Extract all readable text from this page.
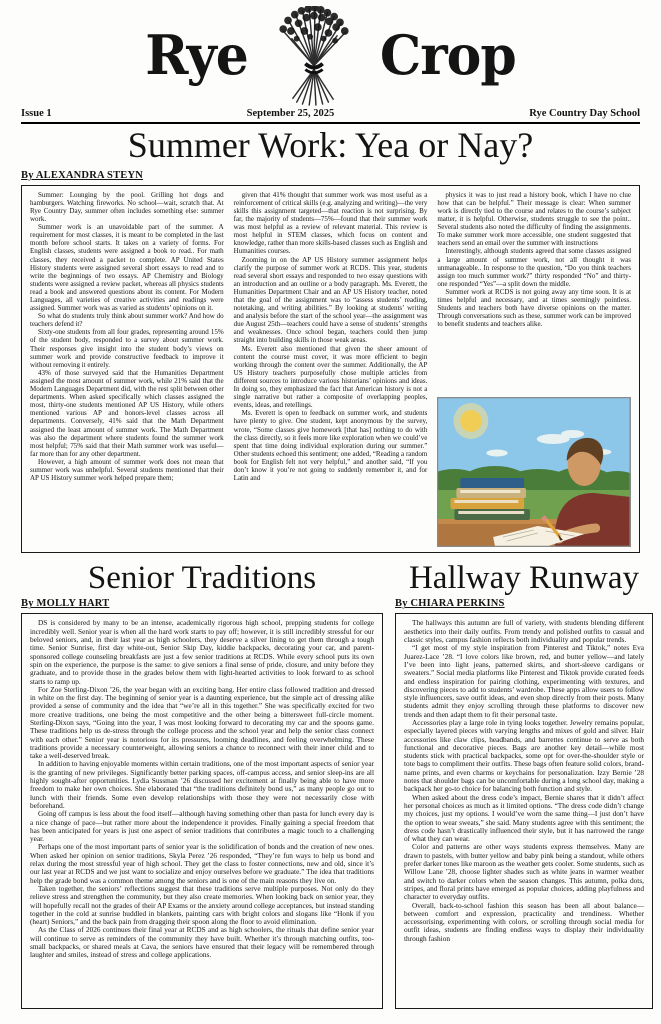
Rye	Crop
Issue 1	September 25, 2025	Rye Country Day School
Summer Work: Yea or Nay?
By ALEXANDRA STEYN

Summer: Lounging by the pool. Grilling hot dogs and hamburgers. Watching fireworks. No school—wait, scratch that. At Rye Country Day, summer often includes something else: summer work.

Summer work is an unavoidable part of the summer. A requirement for most classes, it is meant to be completed in the last month before school starts. It takes on a variety of forms. For English classes, students were assigned a book to read.. For math classes, they received a packet to complete. AP United States History students were assigned several short essays to read and to write the beginnings of two essays. AP Chemistry and Biology students were assigned a review packet, whereas all physics students read a book and answered questions about its content. For Modern Languages, all varieties of creative activities and readings were assigned. Summer work was as varied as students’ opinions on it.

So what do students truly think about summer work? And how do teachers defend it?

Sixty-one students from all four grades, representing around 15% of the student body, responded to a survey about summer work. Their responses give insight into the student body’s views on summer work and provide constructive feedback to improve it without removing it entirely.

43% of those surveyed said that the Humanities Department assigned the most amount of summer work, while 21% said that the Modern Languages Department did, with the rest split between other departments. When asked specifically which classes assigned the most, thirty-one students mentioned AP US History, while others mentioned various AP and honors-level classes across all departments. Conversely, 41% said that the Math Department assigned the least amount of summer work. The Math Department was also the department where students found the summer work most helpful; 75% said that their Math summer work was useful—far more than for any other department.

However, a high amount of summer work does not mean that summer work was unhelpful. Several students mentioned that their AP US History summer work helped prepare them;

given that 41% thought that summer work was most useful as a reinforcement of critical skills (e.g. analyzing and writing)—the very skills this assignment targeted—that reaction is not surprising. By far, the majority of students—75%—found that their summer work was most helpful as a review of relevant material. This review is most helpful in STEM classes, which focus on content and knowledge, rather than more skills-based classes such as English and Humanities courses.

Zooming in on the AP US History summer assignment helps clarify the purpose of summer work at RCDS. This year, students read several short essays and responded to two essay questions with an introduction and an outline or a body paragraph. Ms. Everett, the Humanities Department Chair and an AP US History teacher, noted that the goal of the assignment was to “assess students’ reading, notetaking, and writing abilities.” By looking at students’ writing and analysis before the start of the school year—the assignment was due August 25th—teachers could have a sense of students’ strengths and weaknesses. Once school began, teachers could then jump straight into building skills in those weak areas.

Ms. Everett also mentioned that given the sheer amount of content the course must cover, it was more efficient to begin working through the content over the summer. Additionally, the AP US History teachers purposefully chose multiple articles from different sources to introduce various historians’ opinions and ideas. In doing so, they emphasized the fact that American history is not a single narrative but rather a composite of overlapping peoples, events, ideas, and retellings.

Ms. Everett is open to feedback on summer work, and students have plenty to give. One student, kept anonymous by the survey, wrote, “Some classes give homework [that has] nothing to do with the class directly, so it feels more like exploration when we could’ve spent that time doing individual exploration during our summer.” Other students echoed this sentiment; one added, “Reading a random book for English felt not very helpful,” and another said, “If you don’t know it you’re not going to suddenly remember it, and for Latin and

physics it was to just read a history book, which I have no clue how that can be helpful.” Their message is clear: When summer work is directly tied to the course and relates to the course’s subject matter, it is helpful. Otherwise, students struggle to see the point.. Several students also noted the difficulty of finding the assignments. To make summer work more accessible, one student suggested that teachers send an email over the summer with instructions

Interestingly, although students agreed that some classes assigned a large amount of summer work, not all thought it was unmanageable.. In response to the question, “Do you think teachers assign too much summer work?” thirty responded “No” and thirty-one responded “Yes”—a split down the middle.

Summer work at RCDS is not going away any time soon. It is at times helpful and necessary, and at times seemingly pointless. Students and teachers both have diverse opinions on the matter. Through conversations such as these, summer work can be improved to benefit students and teachers alike.

Senior Traditions
By MOLLY HART

DS is considered by many to be an intense, academically rigorous high school, prepping students for college incredibly well. Senior year is when all the hard work starts to pay off; however, it is still incredibly stressful for our beloved seniors, and, in their last year as high schoolers, they deserve a silver lining to get them through a tough time. Senior Sunrise, first day white-out, Senior Skip Day, kiddie backpacks, decorating your car, and parent-sponsored college counseling breakfasts are just a few senior traditions at RCDS. While every school puts its own spin on the experience, the purpose is the same: to give seniors a final sense of pride, closure, and unity before they graduate, and to provide those in the grades below them with light-hearted activities to look forward to as school starts to ramp up.

For Zoe Sterling-Dixon ’26, the year began with an exciting bang. Her entire class followed tradition and dressed in white on the first day. The beginning of senior year is a daunting experience, but the simple act of dressing alike provided a sense of community and the idea that “we’re all in this together.” She was specifically excited for two more creative traditions, one being the most competitive and the other being a bittersweet full-circle moment. Sterling-Dixon says, “Going into the year, I was most looking forward to decorating my car and the spoons game. These traditions help us de-stress through the college process and the school year and help the senior class connect with each other.” Senior year is notorious for its pressures, looming deadlines, and feeling overwhelming. These traditions provide a necessary counterweight, allowing seniors a chance to reconnect with their inner child and to take a well-deserved break.

In addition to having enjoyable moments within certain traditions, one of the most important aspects of senior year is the granting of new privileges. Significantly better parking spaces, off-campus access, and senior sleep-ins are all highly sought-after opportunities. Lydia Sussman ’26 discussed her excitement at finally being able to have more freedom to make her own choices. She elaborated that “the traditions definitely bond us,” as many people go out to lunch with their friends. Some even develop relationships with those they were not necessarily close with beforehand.

Going off campus is less about the food itself—although having something other than pasta for lunch every day is a nice change of pace—but rather more about the independence it provides. Finally gaining a special freedom that has been anticipated for years is just one aspect of senior traditions that contributes a magic touch to a challenging year.

Perhaps one of the most important parts of senior year is the solidification of bonds and the creation of new ones. When asked her opinion on senior traditions, Skyla Perez ’26 responded, “They’re fun ways to help us bond and relax during the most stressful year of high school. They get the class to foster connections, new and old, since it’s our last year at RCDS and we just want to socialize and enjoy ourselves before we graduate.” The idea that traditions help the grade bond was a common theme among the seniors and is one of the main reasons they live on.

Taken together, the seniors’ reflections suggest that these traditions serve multiple purposes. Not only do they relieve stress and strengthen the community, but they also create memories. When looking back on senior year, they will hopefully recall not the grades of their AP Exams or the anxiety around college acceptances, but instead standing together in the cold at sunrise huddled in blankets, painting cars with bright colors and slogans like “Honk if you (heart) Seniors,” and the back pain from dragging their spoon along the floor to avoid elimination.

As the Class of 2026 continues their final year at RCDS and as high schoolers, the rituals that define senior year will continue to serve as reminders of the community they have built. Whether it’s through matching outfits, too-small backpacks, or shared meals at Cava, the seniors have ensured that their legacy will be remembered through laughter and smiles, instead of stress and college applications.

Hallway Runway
By CHIARA PERKINS

The hallways this autumn are full of variety, with students blending different aesthetics into their daily outfits. From trendy and polished outfits to casual and classic styles, campus fashion reflects both individuality and popular trends.

“I get most of my style inspiration from Pinterest and Tiktok,” notes Eva Juarez-Lace ’28. “I love colors like brown, red, and butter yellow—and lately I’ve been into light jeans, patterned skirts, and short-sleeve cardigans or sweaters.” Social media platforms like Pinterest and Tiktok provide curated feeds and endless inspiration for pairing clothing, experimenting with textures, and discovering pieces to add to students’ wardrobe. These apps allow users to follow style influencers, save outfit ideas, and even shop directly from their posts. Many students admit they enjoy scrolling through these platforms to discover new trends and then adapt them to fit their personal taste.

Accessories play a large role in tying looks together. Jewelry remains popular, especially layered pieces with varying lengths and mixes of gold and silver. Hair accessories like claw clips, headbands, and barrettes continue to serve as both functional and decorative pieces. Bags are another key detail—while most students stick with practical backpacks, some opt for over-the-shoulder style or tote bags to compliment their outfits. These bags often feature solid colors, brand-name prints, and even charms or keychains for personalization. Izzy Bernie ’28 notes that shoulder bags can be uncomfortable during a long school day, making a backpack her go-to choice for balancing both function and style.

When asked about the dress code’s impact, Bernie shares that it didn’t affect her personal choices as much as it limited options. “The dress code didn’t change my choices, just my options. I would’ve worn the same thing—I just don’t have the option to wear sweats,” she said. Many students agree with this sentiment; the dress code hasn’t drastically influenced their style, but it has narrowed the range of what they can wear.

Color and patterns are other ways students express themselves. Many are drawn to pastels, with butter yellow and baby pink being a standout, while others prefer darker tones like maroon as the weather gets cooler. Some students, such as Willow Lane ’28, choose lighter shades such as white jeans in warmer weather and switch to darker colors when the season changes. This autumn, polka dots, stripes, and floral prints have emerged as popular choices, adding playfulness and character to everyday outfits.

Overall, back-to-school fashion this season has been all about balance—between comfort and expression, practicality and trendiness. Whether accessorising, experimenting with colors, or scrolling through social media for outfit ideas, students are finding endless ways to display their individuality through fashion
